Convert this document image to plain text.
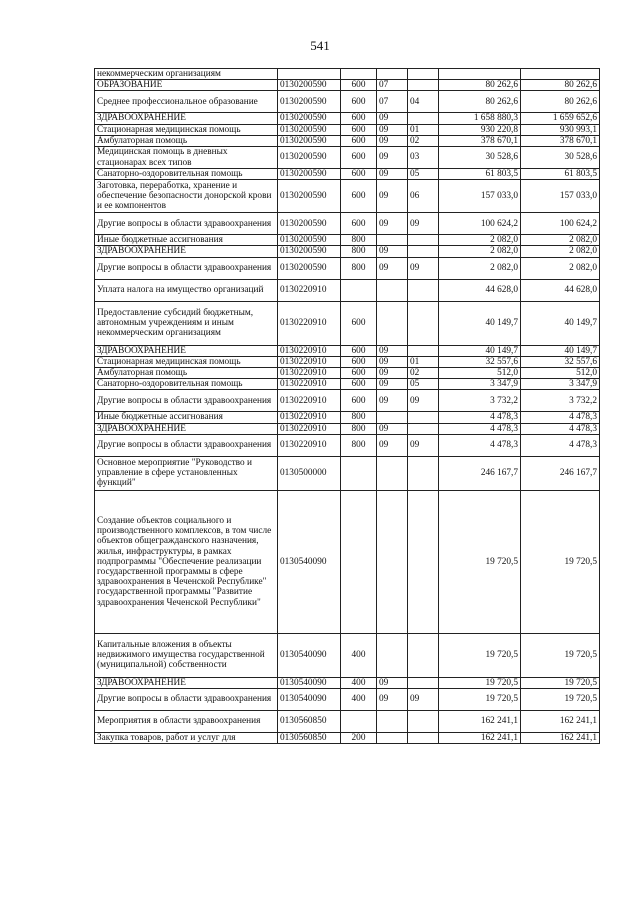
541
некоммерческим организациям						
ОБРАЗОВАНИЕ	0130200590	600	07		80 262,6	80 262,6
Среднее профессиональное образование	0130200590	600	07	04	80 262,6	80 262,6
ЗДРАВООХРАНЕНИЕ	0130200590	600	09		1 658 880,3	1 659 652,6
Стационарная медицинская помощь	0130200590	600	09	01	930 220,8	930 993,1
Амбулаторная помощь	0130200590	600	09	02	378 670,1	378 670,1
Медицинская помощь в дневных стационарах всех типов	0130200590	600	09	03	30 528,6	30 528,6
Санаторно-оздоровительная помощь	0130200590	600	09	05	61 803,5	61 803,5
Заготовка, переработка, хранение и обеспечение безопасности донорской крови и ее компонентов	0130200590	600	09	06	157 033,0	157 033,0
Другие вопросы в области здравоохранения	0130200590	600	09	09	100 624,2	100 624,2
Иные бюджетные ассигнования	0130200590	800			2 082,0	2 082,0
ЗДРАВООХРАНЕНИЕ	0130200590	800	09		2 082,0	2 082,0
Другие вопросы в области здравоохранения	0130200590	800	09	09	2 082,0	2 082,0
Уплата налога на имущество организаций	0130220910				44 628,0	44 628,0
Предоставление субсидий бюджетным, автономным учреждениям и иным некоммерческим организациям	0130220910	600			40 149,7	40 149,7
ЗДРАВООХРАНЕНИЕ	0130220910	600	09		40 149,7	40 149,7
Стационарная медицинская помощь	0130220910	600	09	01	32 557,6	32 557,6
Амбулаторная помощь	0130220910	600	09	02	512,0	512,0
Санаторно-оздоровительная помощь	0130220910	600	09	05	3 347,9	3 347,9
Другие вопросы в области здравоохранения	0130220910	600	09	09	3 732,2	3 732,2
Иные бюджетные ассигнования	0130220910	800			4 478,3	4 478,3
ЗДРАВООХРАНЕНИЕ	0130220910	800	09		4 478,3	4 478,3
Другие вопросы в области здравоохранения	0130220910	800	09	09	4 478,3	4 478,3
Основное мероприятие "Руководство и управление в сфере установленных функций"	0130500000				246 167,7	246 167,7
Создание объектов социального и производственного комплексов, в том числе объектов общегражданского назначения, жилья, инфраструктуры, в рамках подпрограммы "Обеспечение реализации государственной программы в сфере здравоохранения в Чеченской Республике" государственной программы "Развитие здравоохранения Чеченской Республики"	0130540090				19 720,5	19 720,5
Капитальные вложения в объекты недвижимого имущества государственной (муниципальной) собственности	0130540090	400			19 720,5	19 720,5
ЗДРАВООХРАНЕНИЕ	0130540090	400	09		19 720,5	19 720,5
Другие вопросы в области здравоохранения	0130540090	400	09	09	19 720,5	19 720,5
Мероприятия в области здравоохранения	0130560850				162 241,1	162 241,1
Закупка товаров, работ и услуг для	0130560850	200			162 241,1	162 241,1
